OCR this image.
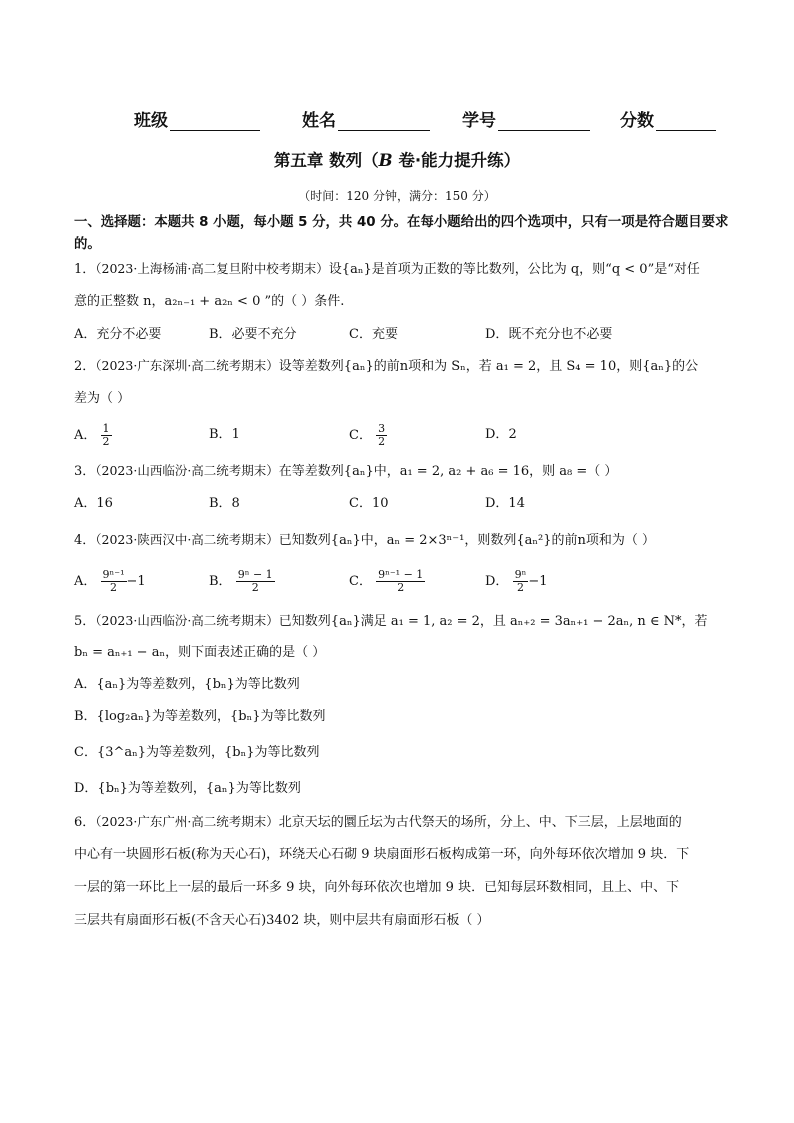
班级	姓名	学号	分数
第五章 数列（B 卷·能力提升练）
（时间：120 分钟，满分：150 分）
一、选择题：本题共 8 小题，每小题 5 分，共 40 分。在每小题给出的四个选项中，只有一项是符合题目要求的。
1．（2023·上海杨浦·高二复旦附中校考期末）设{aₙ}是首项为正数的等比数列，公比为 q，则“q < 0”是“对任
意的正整数 n，a₂ₙ₋₁ + a₂ₙ < 0 ”的（ ）条件.
A．充分不必要	B．必要不充分	C．充要	D．既不充分也不必要
2．（2023·广东深圳·高二统考期末）设等差数列{aₙ}的前n项和为 Sₙ，若 a₁ = 2，且 S₄ = 10，则{aₙ}的公
差为（ ）
A． $\frac{1}{2}$	B．1	C． $\frac{3}{2}$	D．2
3．（2023·山西临汾·高二统考期末）在等差数列{aₙ}中，a₁ = 2, a₂ + a₆ = 16，则 a₈ =（ ）
A．16	B．8	C．10	D．14
4．（2023·陕西汉中·高二统考期末）已知数列{aₙ}中，aₙ = 2×3ⁿ⁻¹，则数列{aₙ²}的前n项和为（ ）
A． $\frac{\text{9ⁿ⁻¹}}{2} -1$	B． $\frac{\text{9ⁿ − 1}}{2}$	C． $\frac{\text{9ⁿ⁻¹ − 1}}{2}$	D． $\frac{\text{9ⁿ}}{2} -1$
5．（2023·山西临汾·高二统考期末）已知数列{aₙ}满足 a₁ = 1, a₂ = 2，且 aₙ₊₂ = 3aₙ₊₁ − 2aₙ, n ∈ N*，若
bₙ = aₙ₊₁ − aₙ，则下面表述正确的是（ ）
A．{aₙ}为等差数列，{bₙ}为等比数列
B．{log₂aₙ}为等差数列，{bₙ}为等比数列
C．{3^aₙ}为等差数列，{bₙ}为等比数列
D．{bₙ}为等差数列，{aₙ}为等比数列
6．（2023·广东广州·高二统考期末）北京天坛的圜丘坛为古代祭天的场所，分上、中、下三层，上层地面的
中心有一块圆形石板(称为天心石)，环绕天心石砌 9 块扇面形石板构成第一环，向外每环依次增加 9 块．下
一层的第一环比上一层的最后一环多 9 块，向外每环依次也增加 9 块．已知每层环数相同，且上、中、下
三层共有扇面形石板(不含天心石)3402 块，则中层共有扇面形石板（ ）
